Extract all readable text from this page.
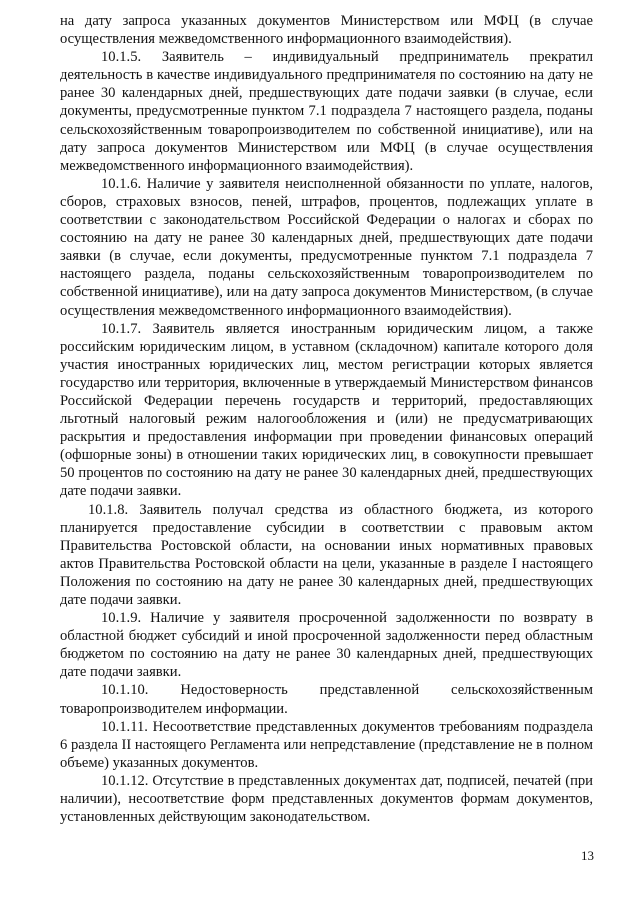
на дату запроса указанных документов Министерством или МФЦ (в случае осуществления межведомственного информационного взаимодействия).

10.1.5. Заявитель – индивидуальный предприниматель прекратил деятельность в качестве индивидуального предпринимателя по состоянию на дату не ранее 30 календарных дней, предшествующих дате подачи заявки (в случае, если документы, предусмотренные пунктом 7.1 подраздела 7 настоящего раздела, поданы сельскохозяйственным товаропроизводителем по собственной инициативе), или на дату запроса документов Министерством или МФЦ (в случае осуществления межведомственного информационного взаимодействия).

10.1.6. Наличие у заявителя неисполненной обязанности по уплате, налогов, сборов, страховых взносов, пеней, штрафов, процентов, подлежащих уплате в соответствии с законодательством Российской Федерации о налогах и сборах по состоянию на дату не ранее 30 календарных дней, предшествующих дате подачи заявки (в случае, если документы, предусмотренные пунктом 7.1 подраздела 7 настоящего раздела, поданы сельскохозяйственным товаропроизводителем по собственной инициативе), или на дату запроса документов Министерством, (в случае осуществления межведомственного информационного взаимодействия).

10.1.7. Заявитель является иностранным юридическим лицом, а также российским юридическим лицом, в уставном (складочном) капитале которого доля участия иностранных юридических лиц, местом регистрации которых является государство или территория, включенные в утверждаемый Министерством финансов Российской Федерации перечень государств и территорий, предоставляющих льготный налоговый режим налогообложения и (или) не предусматривающих раскрытия и предоставления информации при проведении финансовых операций (офшорные зоны) в отношении таких юридических лиц, в совокупности превышает 50 процентов по состоянию на дату не ранее 30 календарных дней, предшествующих дате подачи заявки.

10.1.8. Заявитель получал средства из областного бюджета, из которого планируется предоставление субсидии в соответствии с правовым актом Правительства Ростовской области, на основании иных нормативных правовых актов Правительства Ростовской области на цели, указанные в разделе I настоящего Положения по состоянию на дату не ранее 30 календарных дней, предшествующих дате подачи заявки.

10.1.9. Наличие у заявителя просроченной задолженности по возврату в областной бюджет субсидий и иной просроченной задолженности перед областным бюджетом по состоянию на дату не ранее 30 календарных дней, предшествующих дате подачи заявки.

10.1.10. Недостоверность представленной сельскохозяйственным товаропроизводителем информации.

10.1.11. Несоответствие представленных документов требованиям подраздела 6 раздела II настоящего Регламента или непредставление (представление не в полном объеме) указанных документов.

10.1.12. Отсутствие в представленных документах дат, подписей, печатей (при наличии), несоответствие форм представленных документов формам документов, установленных действующим законодательством.

13
